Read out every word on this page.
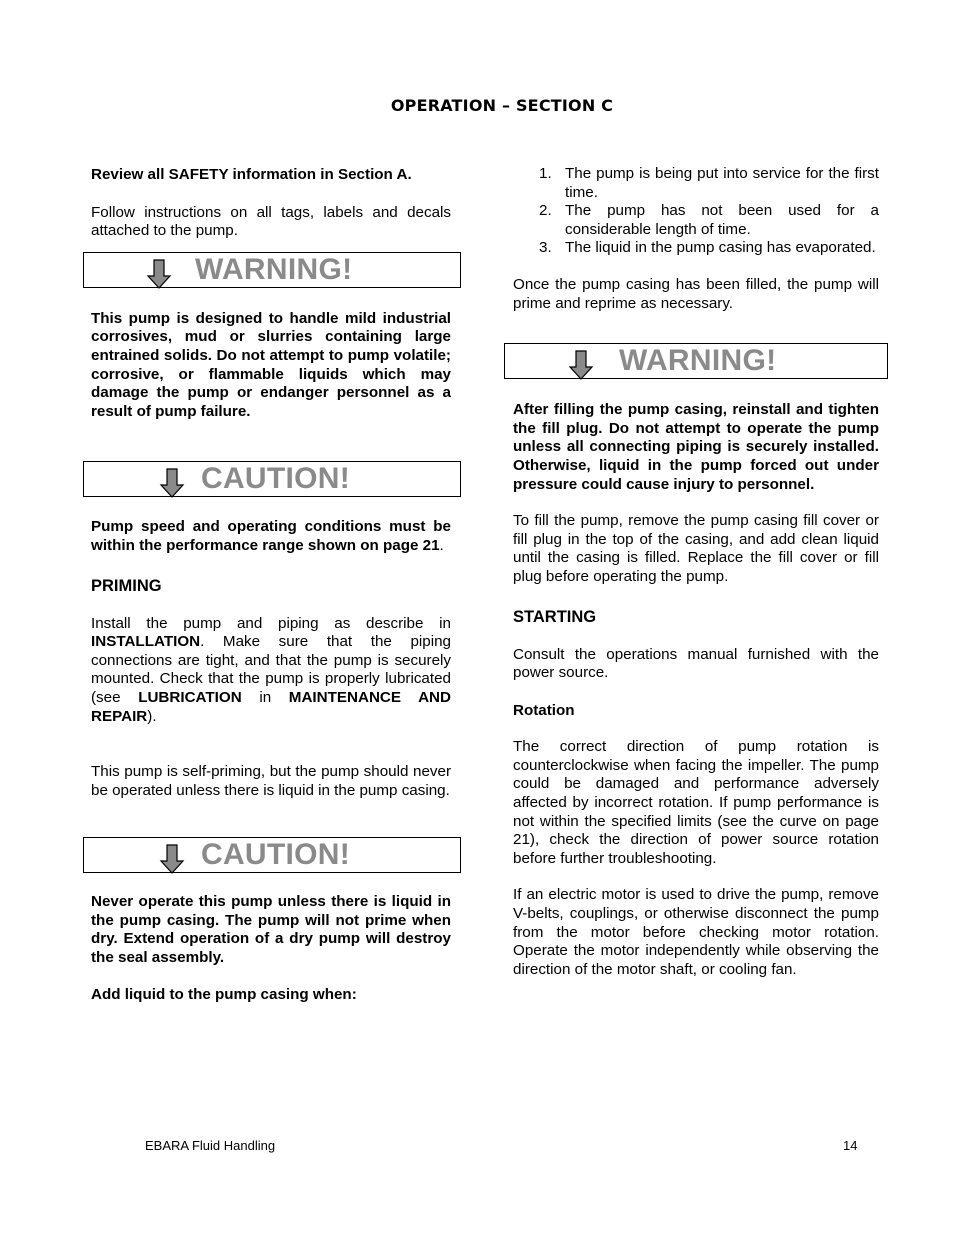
OPERATION – SECTION C

Review all SAFETY information in Section A.

Follow instructions on all tags, labels and decals attached to the pump.

WARNING!

This pump is designed to handle mild industrial corrosives, mud or slurries containing large entrained solids. Do not attempt to pump volatile; corrosive, or flammable liquids which may damage the pump or endanger personnel as a result of pump failure.

CAUTION!

Pump speed and operating conditions must be within the performance range shown on page 21.

PRIMING

Install the pump and piping as describe in INSTALLATION. Make sure that the piping connections are tight, and that the pump is securely mounted. Check that the pump is properly lubricated (see LUBRICATION in MAINTENANCE AND REPAIR).

This pump is self-priming, but the pump should never be operated unless there is liquid in the pump casing.

CAUTION!

Never operate this pump unless there is liquid in the pump casing. The pump will not prime when dry. Extend operation of a dry pump will destroy the seal assembly.

Add liquid to the pump casing when:

1. The pump is being put into service for the first time.
2. The pump has not been used for a considerable length of time.
3. The liquid in the pump casing has evaporated.

Once the pump casing has been filled, the pump will prime and reprime as necessary.

WARNING!

After filling the pump casing, reinstall and tighten the fill plug. Do not attempt to operate the pump unless all connecting piping is securely installed. Otherwise, liquid in the pump forced out under pressure could cause injury to personnel.

To fill the pump, remove the pump casing fill cover or fill plug in the top of the casing, and add clean liquid until the casing is filled. Replace the fill cover or fill plug before operating the pump.

STARTING

Consult the operations manual furnished with the power source.

Rotation

The correct direction of pump rotation is counterclockwise when facing the impeller. The pump could be damaged and performance adversely affected by incorrect rotation. If pump performance is not within the specified limits (see the curve on page 21), check the direction of power source rotation before further troubleshooting.

If an electric motor is used to drive the pump, remove V-belts, couplings, or otherwise disconnect the pump from the motor before checking motor rotation. Operate the motor independently while observing the direction of the motor shaft, or cooling fan.

EBARA Fluid Handling	14
